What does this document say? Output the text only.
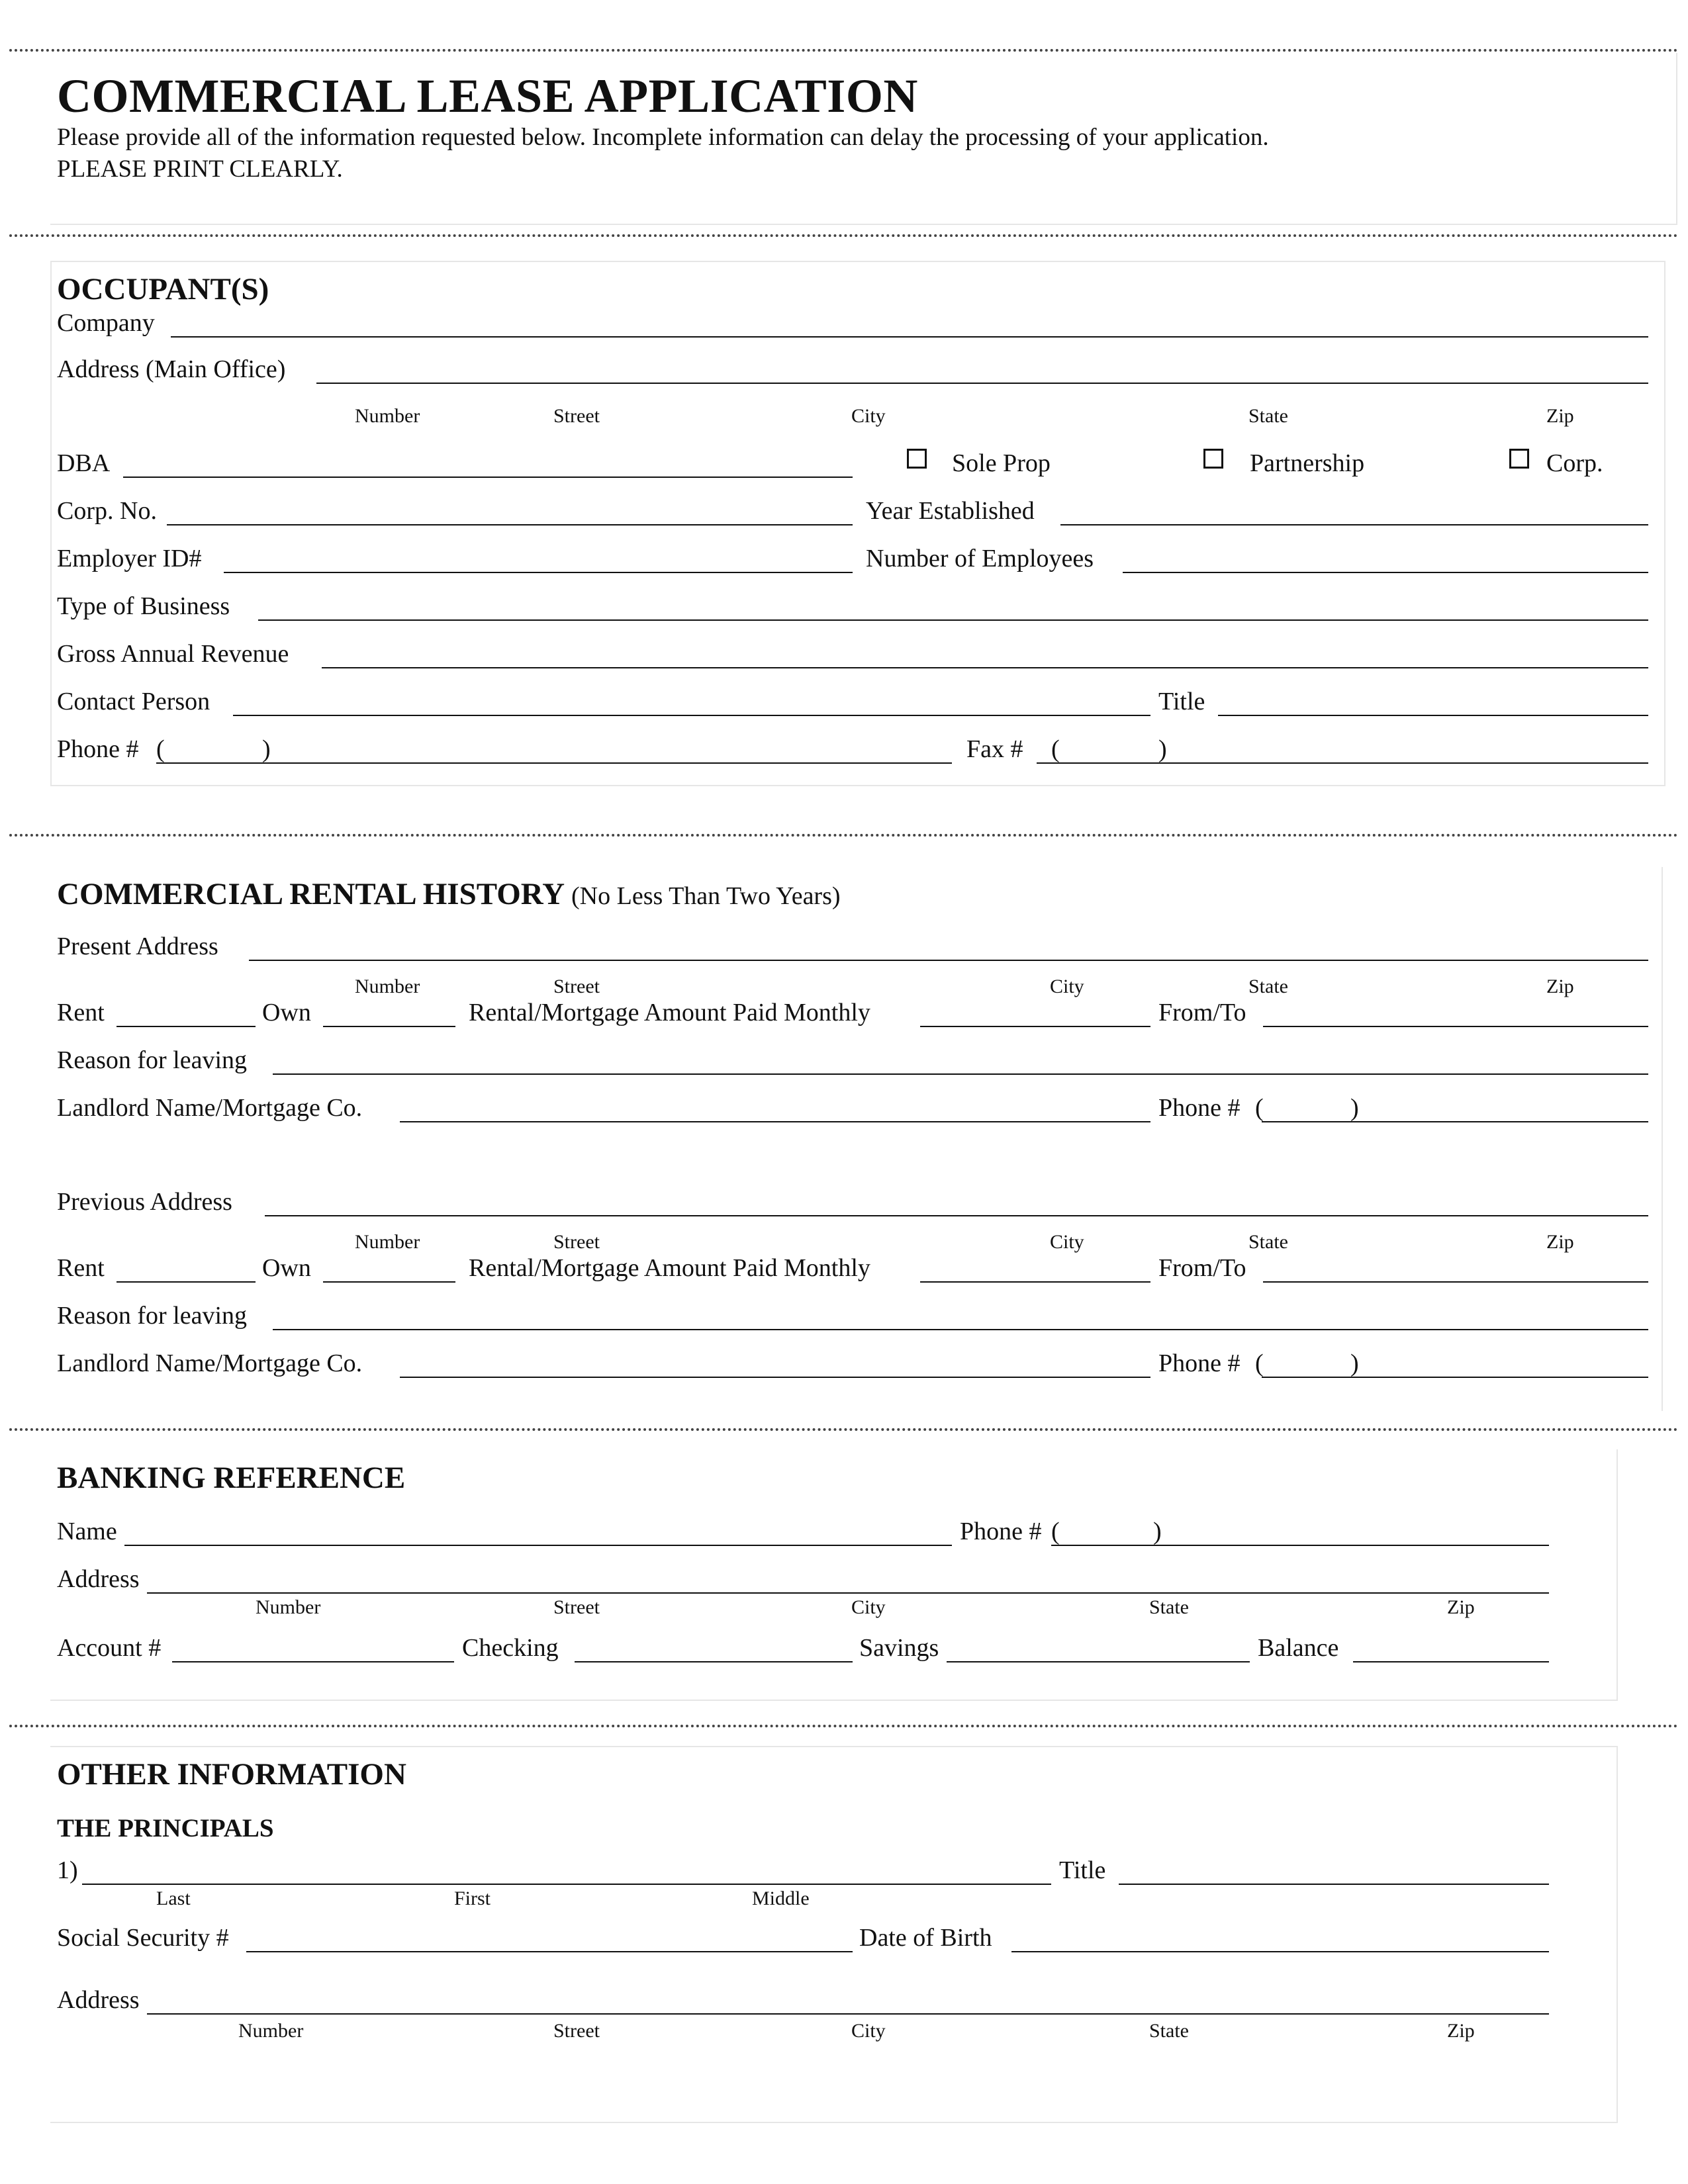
COMMERCIAL LEASE APPLICATION
Please provide all of the information requested below. Incomplete information can delay the processing of your application.
PLEASE PRINT CLEARLY.
OCCUPANT(S)
Company
Address (Main Office)
Number	Street	City	State	Zip
DBA	Sole Prop	Partnership	Corp.
Corp. No.	Year Established
Employer ID#	Number of Employees
Type of Business
Gross Annual Revenue
Contact Person	Title
Phone # (	)	Fax # (	)
COMMERCIAL RENTAL HISTORY (No Less Than Two Years)
Present Address
Number	Street	City	State	Zip
Rent	Own	Rental/Mortgage Amount Paid Monthly	From/To
Reason for leaving
Landlord Name/Mortgage Co.	Phone # (	)
Previous Address
Number	Street	City	State	Zip
Rent	Own	Rental/Mortgage Amount Paid Monthly	From/To
Reason for leaving
Landlord Name/Mortgage Co.	Phone # (	)
BANKING REFERENCE
Name	Phone # (	)
Address
Number	Street	City	State	Zip
Account #	Checking	Savings	Balance
OTHER INFORMATION
THE PRINCIPALS
1)	Title
Last	First	Middle
Social Security #	Date of Birth
Address
Number	Street	City	State	Zip
